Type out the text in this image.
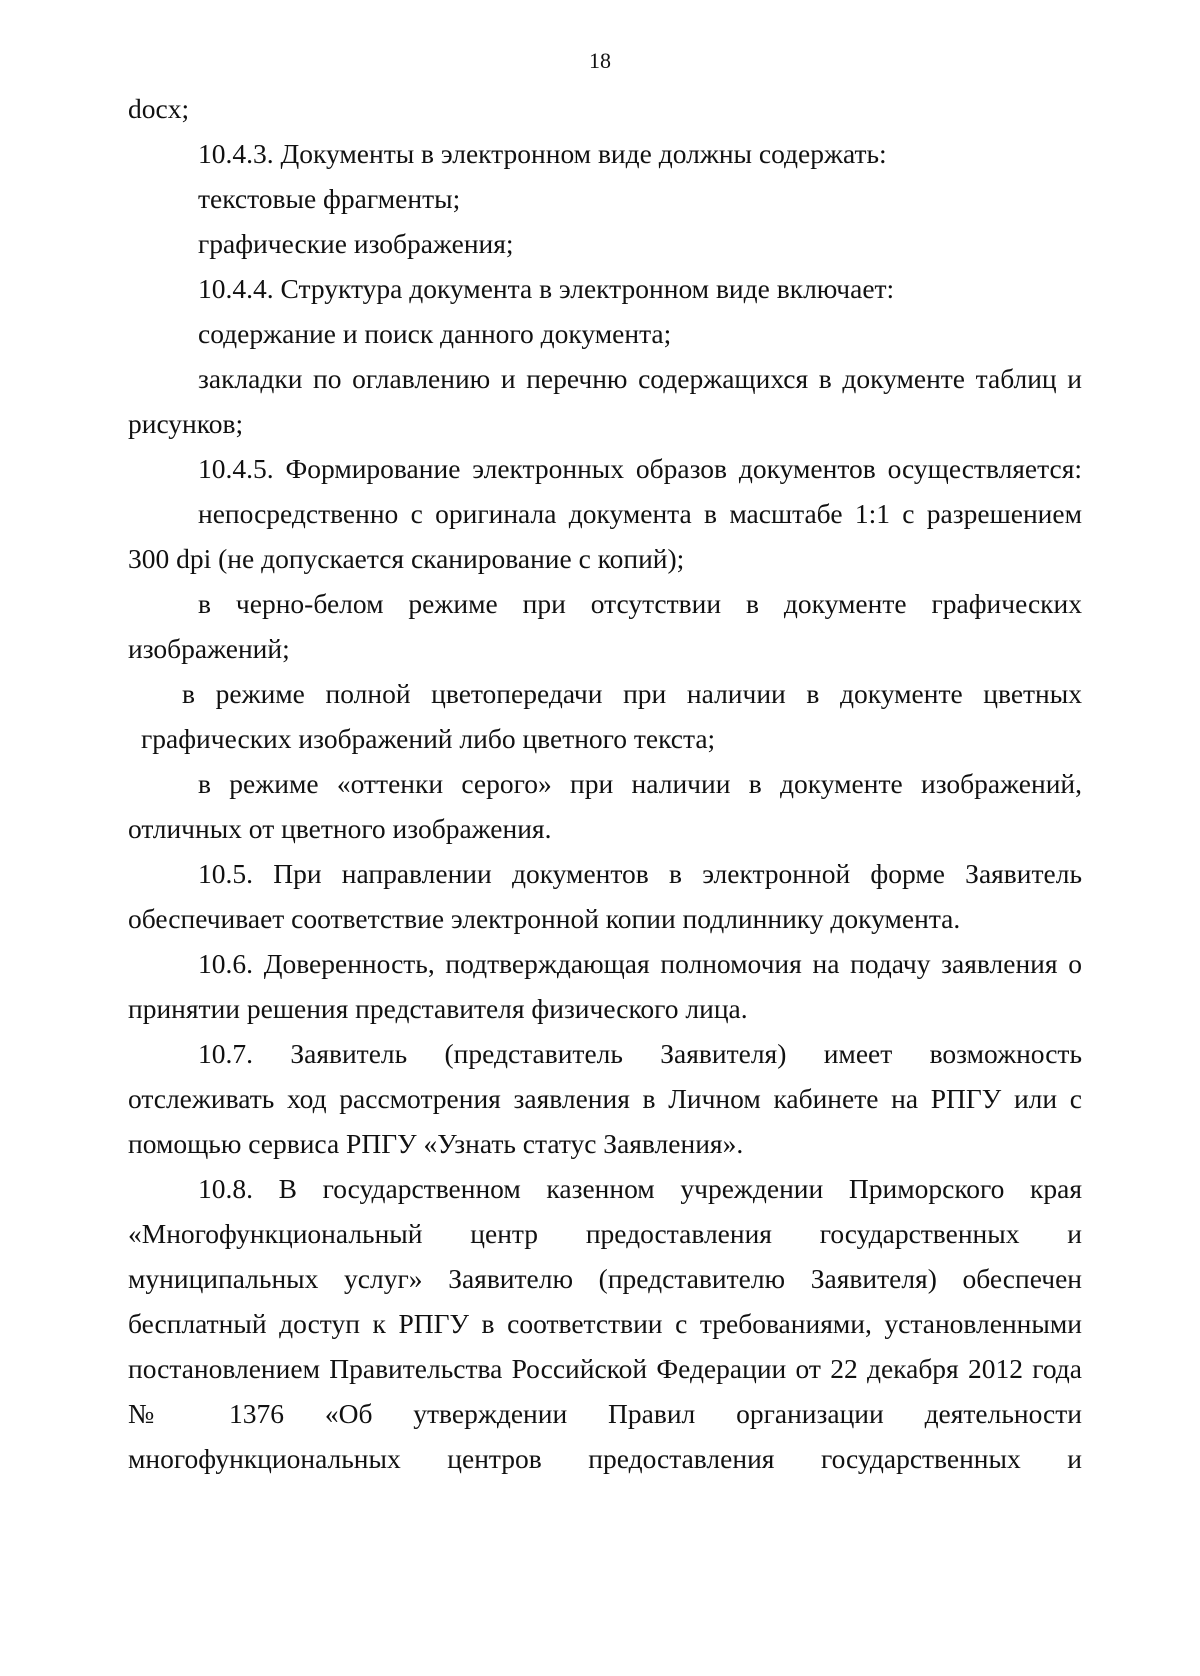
18
docx;
10.4.3. Документы в электронном виде должны содержать:
текстовые фрагменты;
графические изображения;
10.4.4. Структура документа в электронном виде включает:
содержание и поиск данного документа;
закладки по оглавлению и перечню содержащихся в документе таблиц и
рисунков;
10.4.5. Формирование электронных образов документов осуществляется:
непосредственно с оригинала документа в масштабе 1:1 с разрешением
300 dpi (не допускается сканирование с копий);
в черно-белом режиме при отсутствии в документе графических
изображений;
в режиме полной цветопередачи при наличии в документе цветных
графических изображений либо цветного текста;
в режиме «оттенки серого» при наличии в документе изображений,
отличных от цветного изображения.
10.5. При направлении документов в электронной форме Заявитель
обеспечивает соответствие электронной копии подлиннику документа.
10.6. Доверенность, подтверждающая полномочия на подачу заявления о
принятии решения представителя физического лица.
10.7. Заявитель (представитель Заявителя) имеет возможность
отслеживать ход рассмотрения заявления в Личном кабинете на РПГУ или с
помощью сервиса РПГУ «Узнать статус Заявления».
10.8. В государственном казенном учреждении Приморского края
«Многофункциональный центр предоставления государственных и
муниципальных услуг» Заявителю (представителю Заявителя) обеспечен
бесплатный доступ к РПГУ в соответствии с требованиями, установленными
постановлением Правительства Российской Федерации от 22 декабря 2012 года
№ 1376 «Об утверждении Правил организации деятельности
многофункциональных центров предоставления государственных и
